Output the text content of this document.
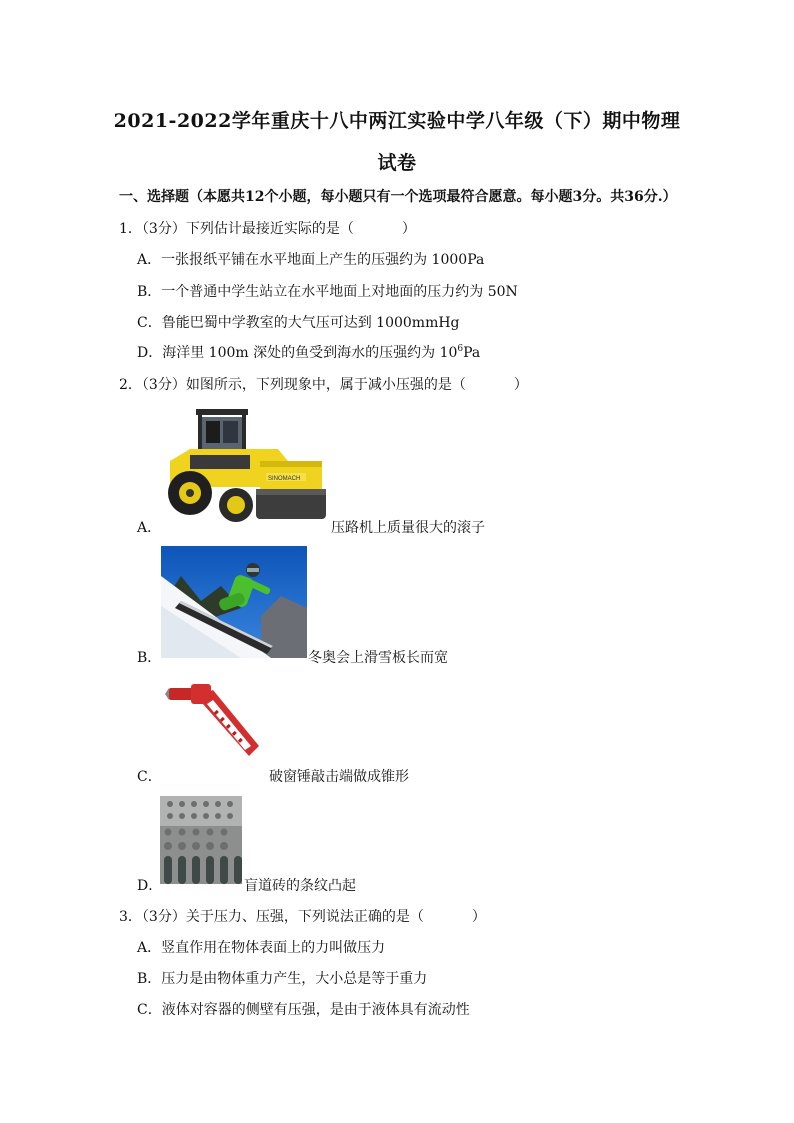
2021-2022学年重庆十八中两江实验中学八年级（下）期中物理
试卷
一、选择题（本愿共12个小题，每小题只有一个选项最符合愿意。每小题3分。共36分.）
1．（3分）下列估计最接近实际的是（	）
A．一张报纸平铺在水平地面上产生的压强约为 1000Pa
B．一个普通中学生站立在水平地面上对地面的压力约为 50N
C．鲁能巴蜀中学教室的大气压可达到 1000mmHg
D．海洋里 100m 深处的鱼受到海水的压强约为 $10^6Pa$
2．（3分）如图所示，下列现象中，属于减小压强的是（	）
SINOMACH
A．	压路机上质量很大的滚子
B．	冬奥会上滑雪板长而宽
C．	破窗锤敲击端做成锥形
D．	盲道砖的条纹凸起
3．（3分）关于压力、压强，下列说法正确的是（	）
A．竖直作用在物体表面上的力叫做压力
B．压力是由物体重力产生，大小总是等于重力
C．液体对容器的侧壁有压强，是由于液体具有流动性
